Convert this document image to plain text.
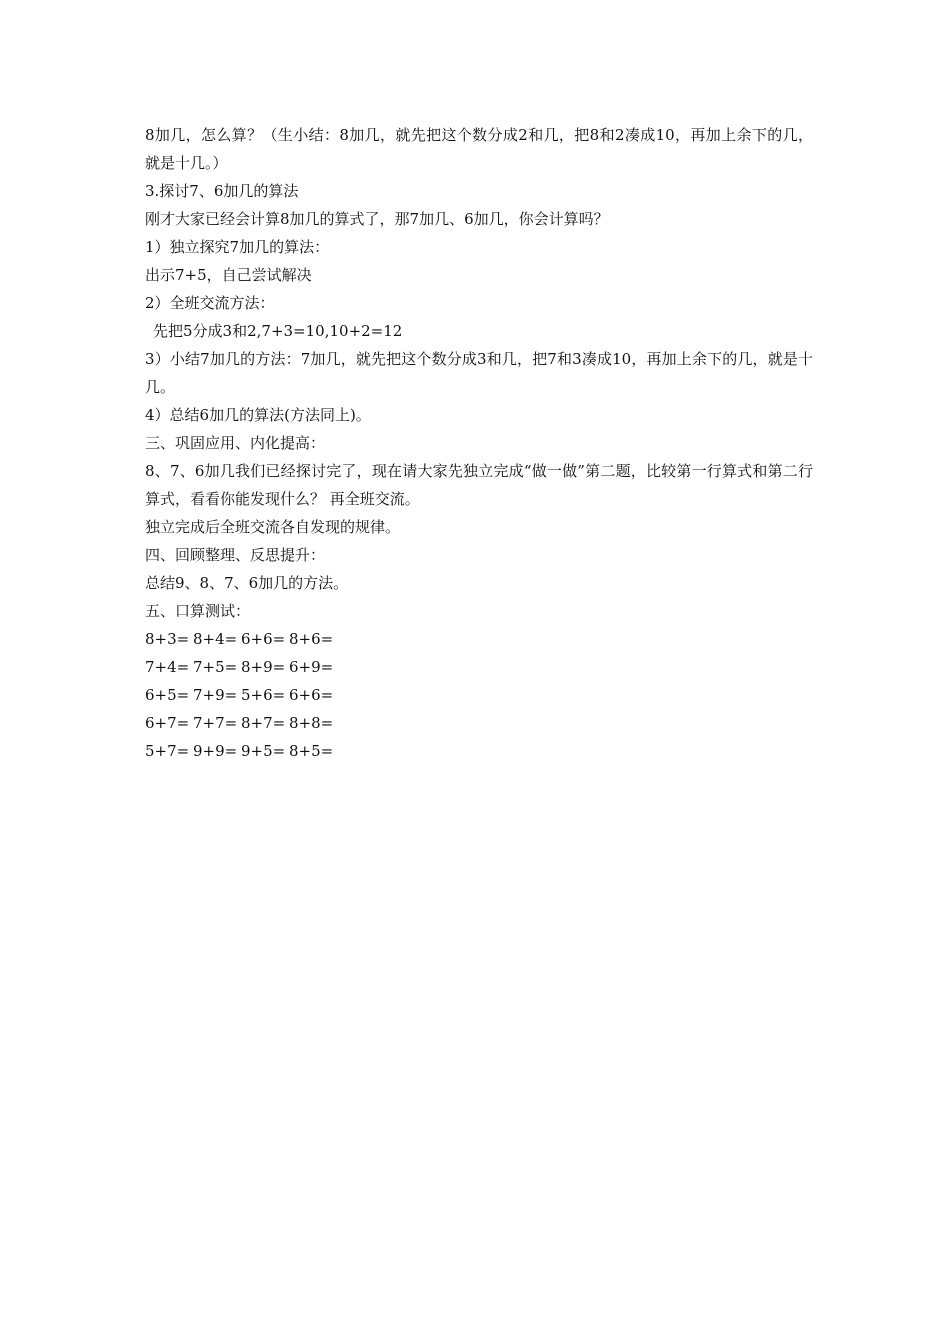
8加几，怎么算？（生小结：8加几，就先把这个数分成2和几，把8和2凑成10，再加上余下的几， 就是十几。）
3.探讨7、6加几的算法
刚才大家已经会计算8加几的算式了，那7加几、6加几，你会计算吗？
1）独立探究7加几的算法：
出示7+5，自己尝试解决
2）全班交流方法：
先把5分成3和2,7+3=10,10+2=12
3）小结7加几的方法：7加几，就先把这个数分成3和几，把7和3凑成10，再加上余下的几，就是十几。
4）总结6加几的算法(方法同上)。
三、巩固应用、内化提高：
8、7、6加几我们已经探讨完了，现在请大家先独立完成“做一做”第二题，比较第一行算式和第二行算式，看看你能发现什么？ 再全班交流。
独立完成后全班交流各自发现的规律。
四、回顾整理、反思提升：
总结9、8、7、6加几的方法。
五、口算测试：
8+3= 8+4= 6+6= 8+6=
7+4= 7+5= 8+9= 6+9=
6+5= 7+9= 5+6= 6+6=
6+7= 7+7= 8+7= 8+8=
5+7= 9+9= 9+5= 8+5=
